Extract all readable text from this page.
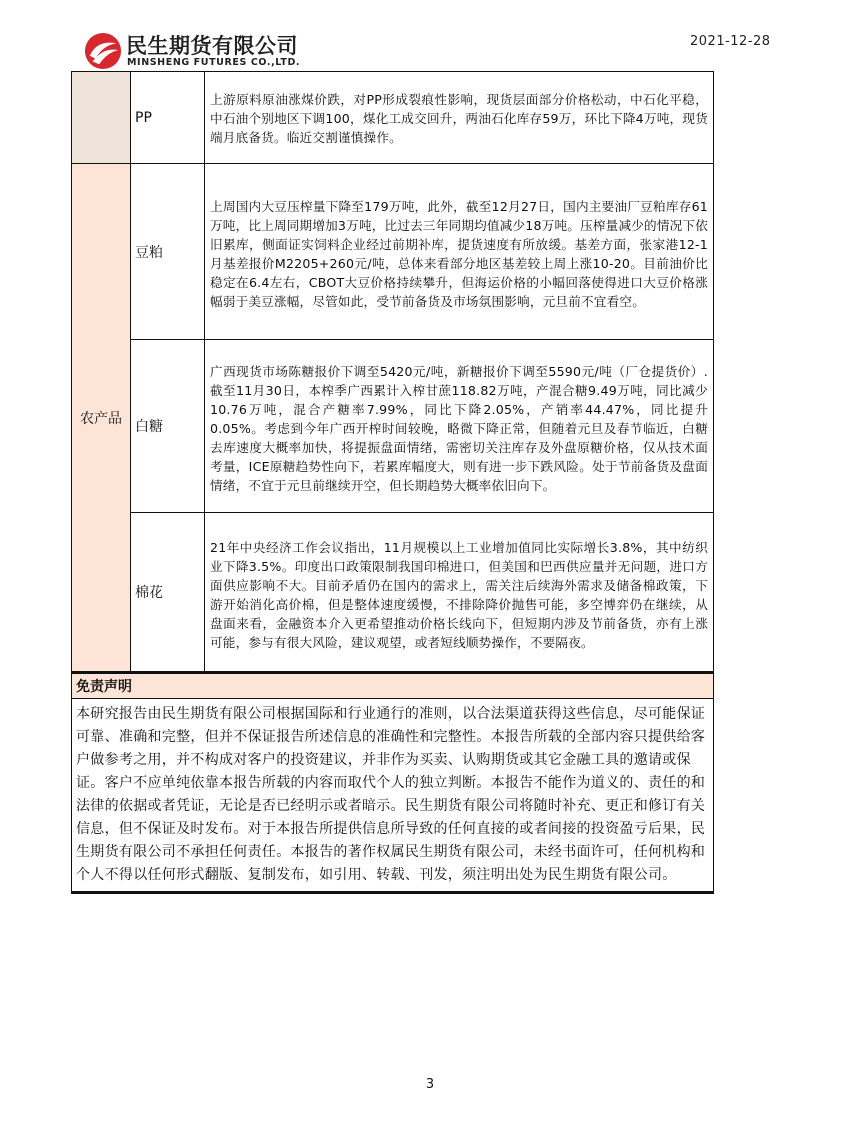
民生期货有限公司
MINSHENG FUTURES CO.,LTD.
2021-12-28
	PP	上游原料原油涨煤价跌，对PP形成裂痕性影响，现货层面部分价格松动，中石化平稳，中石油个别地区下调100，煤化工成交回升，两油石化库存59万，环比下降4万吨，现货端月底备货。临近交割谨慎操作。
农产品	豆粕	上周国内大豆压榨量下降至179万吨，此外，截至12月27日，国内主要油厂豆粕库存61万吨，比上周同期增加3万吨，比过去三年同期均值减少18万吨。压榨量减少的情况下依旧累库，侧面证实饲料企业经过前期补库，提货速度有所放缓。基差方面，张家港12-1月基差报价M2205+260元/吨，总体来看部分地区基差较上周上涨10-20。目前油价比稳定在6.4左右，CBOT大豆价格持续攀升，但海运价格的小幅回落使得进口大豆价格涨幅弱于美豆涨幅，尽管如此，受节前备货及市场氛围影响，元旦前不宜看空。
	白糖	广西现货市场陈糖报价下调至5420元/吨，新糖报价下调至5590元/吨（厂仓提货价）.截至11月30日，本榨季广西累计入榨甘蔗118.82万吨，产混合糖9.49万吨，同比减少10.76万吨，混合产糖率7.99%，同比下降2.05%，产销率44.47%，同比提升0.05%。考虑到今年广西开榨时间较晚，略微下降正常，但随着元旦及春节临近，白糖去库速度大概率加快，将提振盘面情绪，需密切关注库存及外盘原糖价格，仅从技术面考量，ICE原糖趋势性向下，若累库幅度大，则有进一步下跌风险。处于节前备货及盘面情绪，不宜于元旦前继续开空，但长期趋势大概率依旧向下。
	棉花	21年中央经济工作会议指出，11月规模以上工业增加值同比实际增长3.8%，其中纺织业下降3.5%。印度出口政策限制我国印棉进口，但美国和巴西供应量并无问题，进口方面供应影响不大。目前矛盾仍在国内的需求上，需关注后续海外需求及储备棉政策，下游开始消化高价棉，但是整体速度缓慢，不排除降价抛售可能，多空博弈仍在继续，从盘面来看，金融资本介入更希望推动价格长线向下，但短期内涉及节前备货，亦有上涨可能，参与有很大风险，建议观望，或者短线顺势操作，不要隔夜。
免责声明		
本研究报告由民生期货有限公司根据国际和行业通行的准则，以合法渠道获得这些信息，尽可能保证可靠、准确和完整，但并不保证报告所述信息的准确性和完整性。本报告所载的全部内容只提供给客户做参考之用，并不构成对客户的投资建议，并非作为买卖、认购期货或其它金融工具的邀请或保证。客户不应单纯依靠本报告所载的内容而取代个人的独立判断。本报告不能作为道义的、责任的和法律的依据或者凭证，无论是否已经明示或者暗示。民生期货有限公司将随时补充、更正和修订有关信息，但不保证及时发布。对于本报告所提供信息所导致的任何直接的或者间接的投资盈亏后果，民生期货有限公司不承担任何责任。本报告的著作权属民生期货有限公司，未经书面许可，任何机构和个人不得以任何形式翻版、复制发布，如引用、转载、刊发，须注明出处为民生期货有限公司。		
3
